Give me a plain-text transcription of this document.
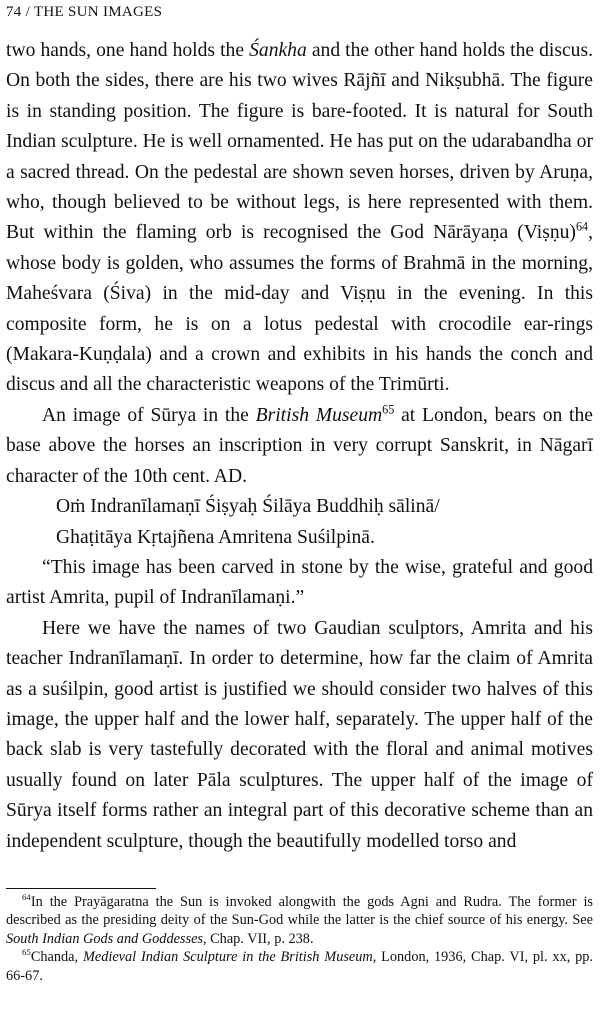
74 / THE SUN IMAGES

two hands, one hand holds the Śankha and the other hand holds the discus. On both the sides, there are his two wives Rājñī and Nikṣubhā. The figure is in standing position. The figure is bare-footed. It is natural for South Indian sculpture. He is well ornamented. He has put on the udarabandha or a sacred thread. On the pedestal are shown seven horses, driven by Aruṇa, who, though believed to be without legs, is here represented with them. But within the flaming orb is recognised the God Nārāyaṇa (Viṣṇu)$^{64}$, whose body is golden, who assumes the forms of Brahmā in the morning, Maheśvara (Śiva) in the mid-day and Viṣṇu in the evening. In this composite form, he is on a lotus pedestal with crocodile ear-rings (Makara-Kuṇḍala) and a crown and exhibits in his hands the conch and discus and all the characteristic weapons of the Trimūrti.

An image of Sūrya in the British Museum$^{65}$ at London, bears on the base above the horses an inscription in very corrupt Sanskrit, in Nāgarī character of the 10th cent. AD.

Oṁ Indranīlamaṇī Śiṣyaḥ Śilāya Buddhiḥ sālinā/

Ghaṭitāya Kṛtajñena Amritena Suśilpinā.

“This image has been carved in stone by the wise, grateful and good artist Amrita, pupil of Indranīlamaṇi.”

Here we have the names of two Gaudian sculptors, Amrita and his teacher Indranīlamaṇī. In order to determine, how far the claim of Amrita as a suśilpin, good artist is justified we should consider two halves of this image, the upper half and the lower half, separately. The upper half of the back slab is very tastefully decorated with the floral and animal motives usually found on later Pāla sculptures. The upper half of the image of Sūrya itself forms rather an integral part of this decorative scheme than an independent sculpture, though the beautifully modelled torso and

$^{64}$In the Prayāgaratna the Sun is invoked alongwith the gods Agni and Rudra. The former is described as the presiding deity of the Sun-God while the latter is the chief source of his energy. See South Indian Gods and Goddesses, Chap. VII, p. 238.

$^{65}$Chanda, Medieval Indian Sculpture in the British Museum, London, 1936, Chap. VI, pl. xx, pp. 66-67.
